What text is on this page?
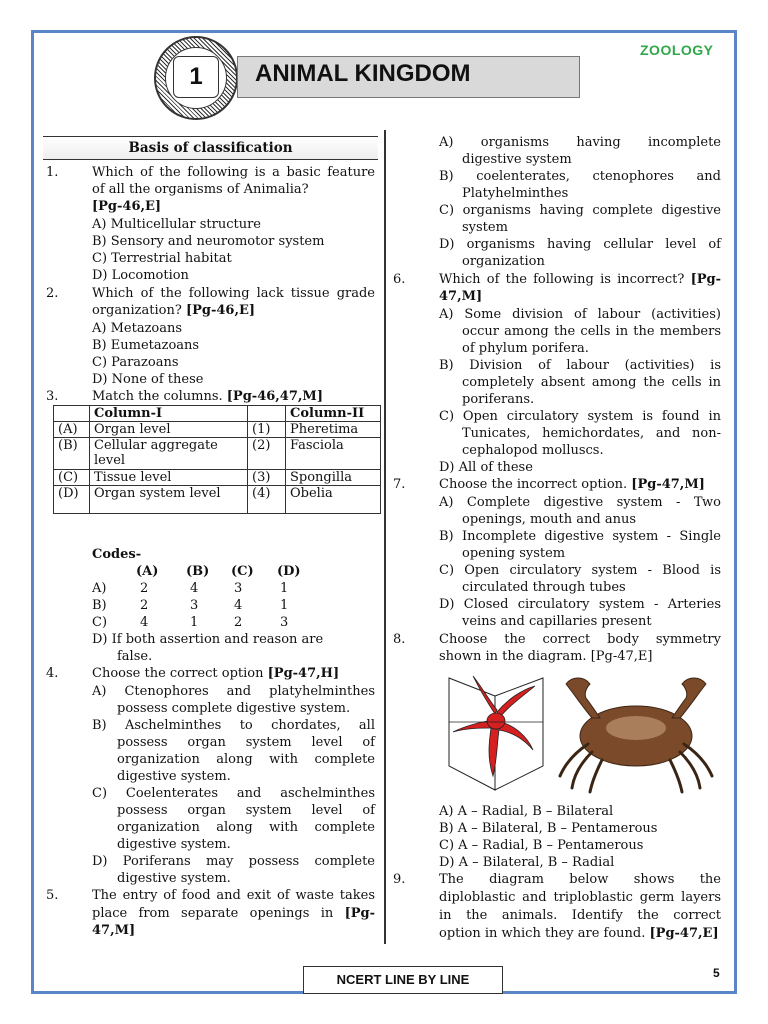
ZOOLOGY
1	ANIMAL KINGDOM
Basis of classification
1.	Which of the following is a basic feature
of all the organisms of Animalia?
[Pg-46,E]
A) Multicellular structure
B) Sensory and neuromotor system
C) Terrestrial habitat
D) Locomotion
2.	Which of the following lack tissue grade
organization? [Pg-46,E]
A) Metazoans
B) Eumetazoans
C) Parazoans
D) None of these
3.	Match the columns. [Pg-46,47,M]
	Column-I		Column-II
(A)	Organ level	(1)	Pheretima
(B)	Cellular aggregate level	(2)	Fasciola
(C)	Tissue level	(3)	Spongilla
(D)	Organ system level	(4)	Obelia
Codes-
(A) (B) (C) (D)
A)	2	4	3	1
B)	2	3	4	1
C)	4	1	2	3
D) If both assertion and reason are
false.
4.	Choose the correct option [Pg-47,H]
A) Ctenophores and platyhelminthes
possess complete digestive system.
B) Aschelminthes to chordates, all
possess organ system level of
organization along with complete
digestive system.
C) Coelenterates and aschelminthes
possess organ system level of
organization along with complete
digestive system.
D) Poriferans may possess complete
digestive system.
5.	The entry of food and exit of waste takes
place from separate openings in [Pg-
47,M]
A) organisms having incomplete
digestive system
B) coelenterates, ctenophores and
Platyhelminthes
C) organisms having complete digestive
system
D) organisms having cellular level of
organization
6.	Which of the following is incorrect? [Pg-
47,M]
A) Some division of labour (activities)
occur among the cells in the members
of phylum porifera.
B) Division of labour (activities) is
completely absent among the cells in
poriferans.
C) Open circulatory system is found in
Tunicates, hemichordates, and non-
cephalopod molluscs.
D) All of these
7.	Choose the incorrect option. [Pg-47,M]
A) Complete digestive system - Two
openings, mouth and anus
B) Incomplete digestive system - Single
opening system
C) Open circulatory system - Blood is
circulated through tubes
D) Closed circulatory system - Arteries
veins and capillaries present
8.	Choose the correct body symmetry
shown in the diagram. [Pg-47,E]
A) A – Radial, B – Bilateral
B) A – Bilateral, B – Pentamerous
C) A – Radial, B – Pentamerous
D) A – Bilateral, B – Radial
9.	The diagram below shows the
diploblastic and triploblastic germ layers
in the animals. Identify the correct
option in which they are found. [Pg-47,E]
NCERT LINE BY LINE	5
